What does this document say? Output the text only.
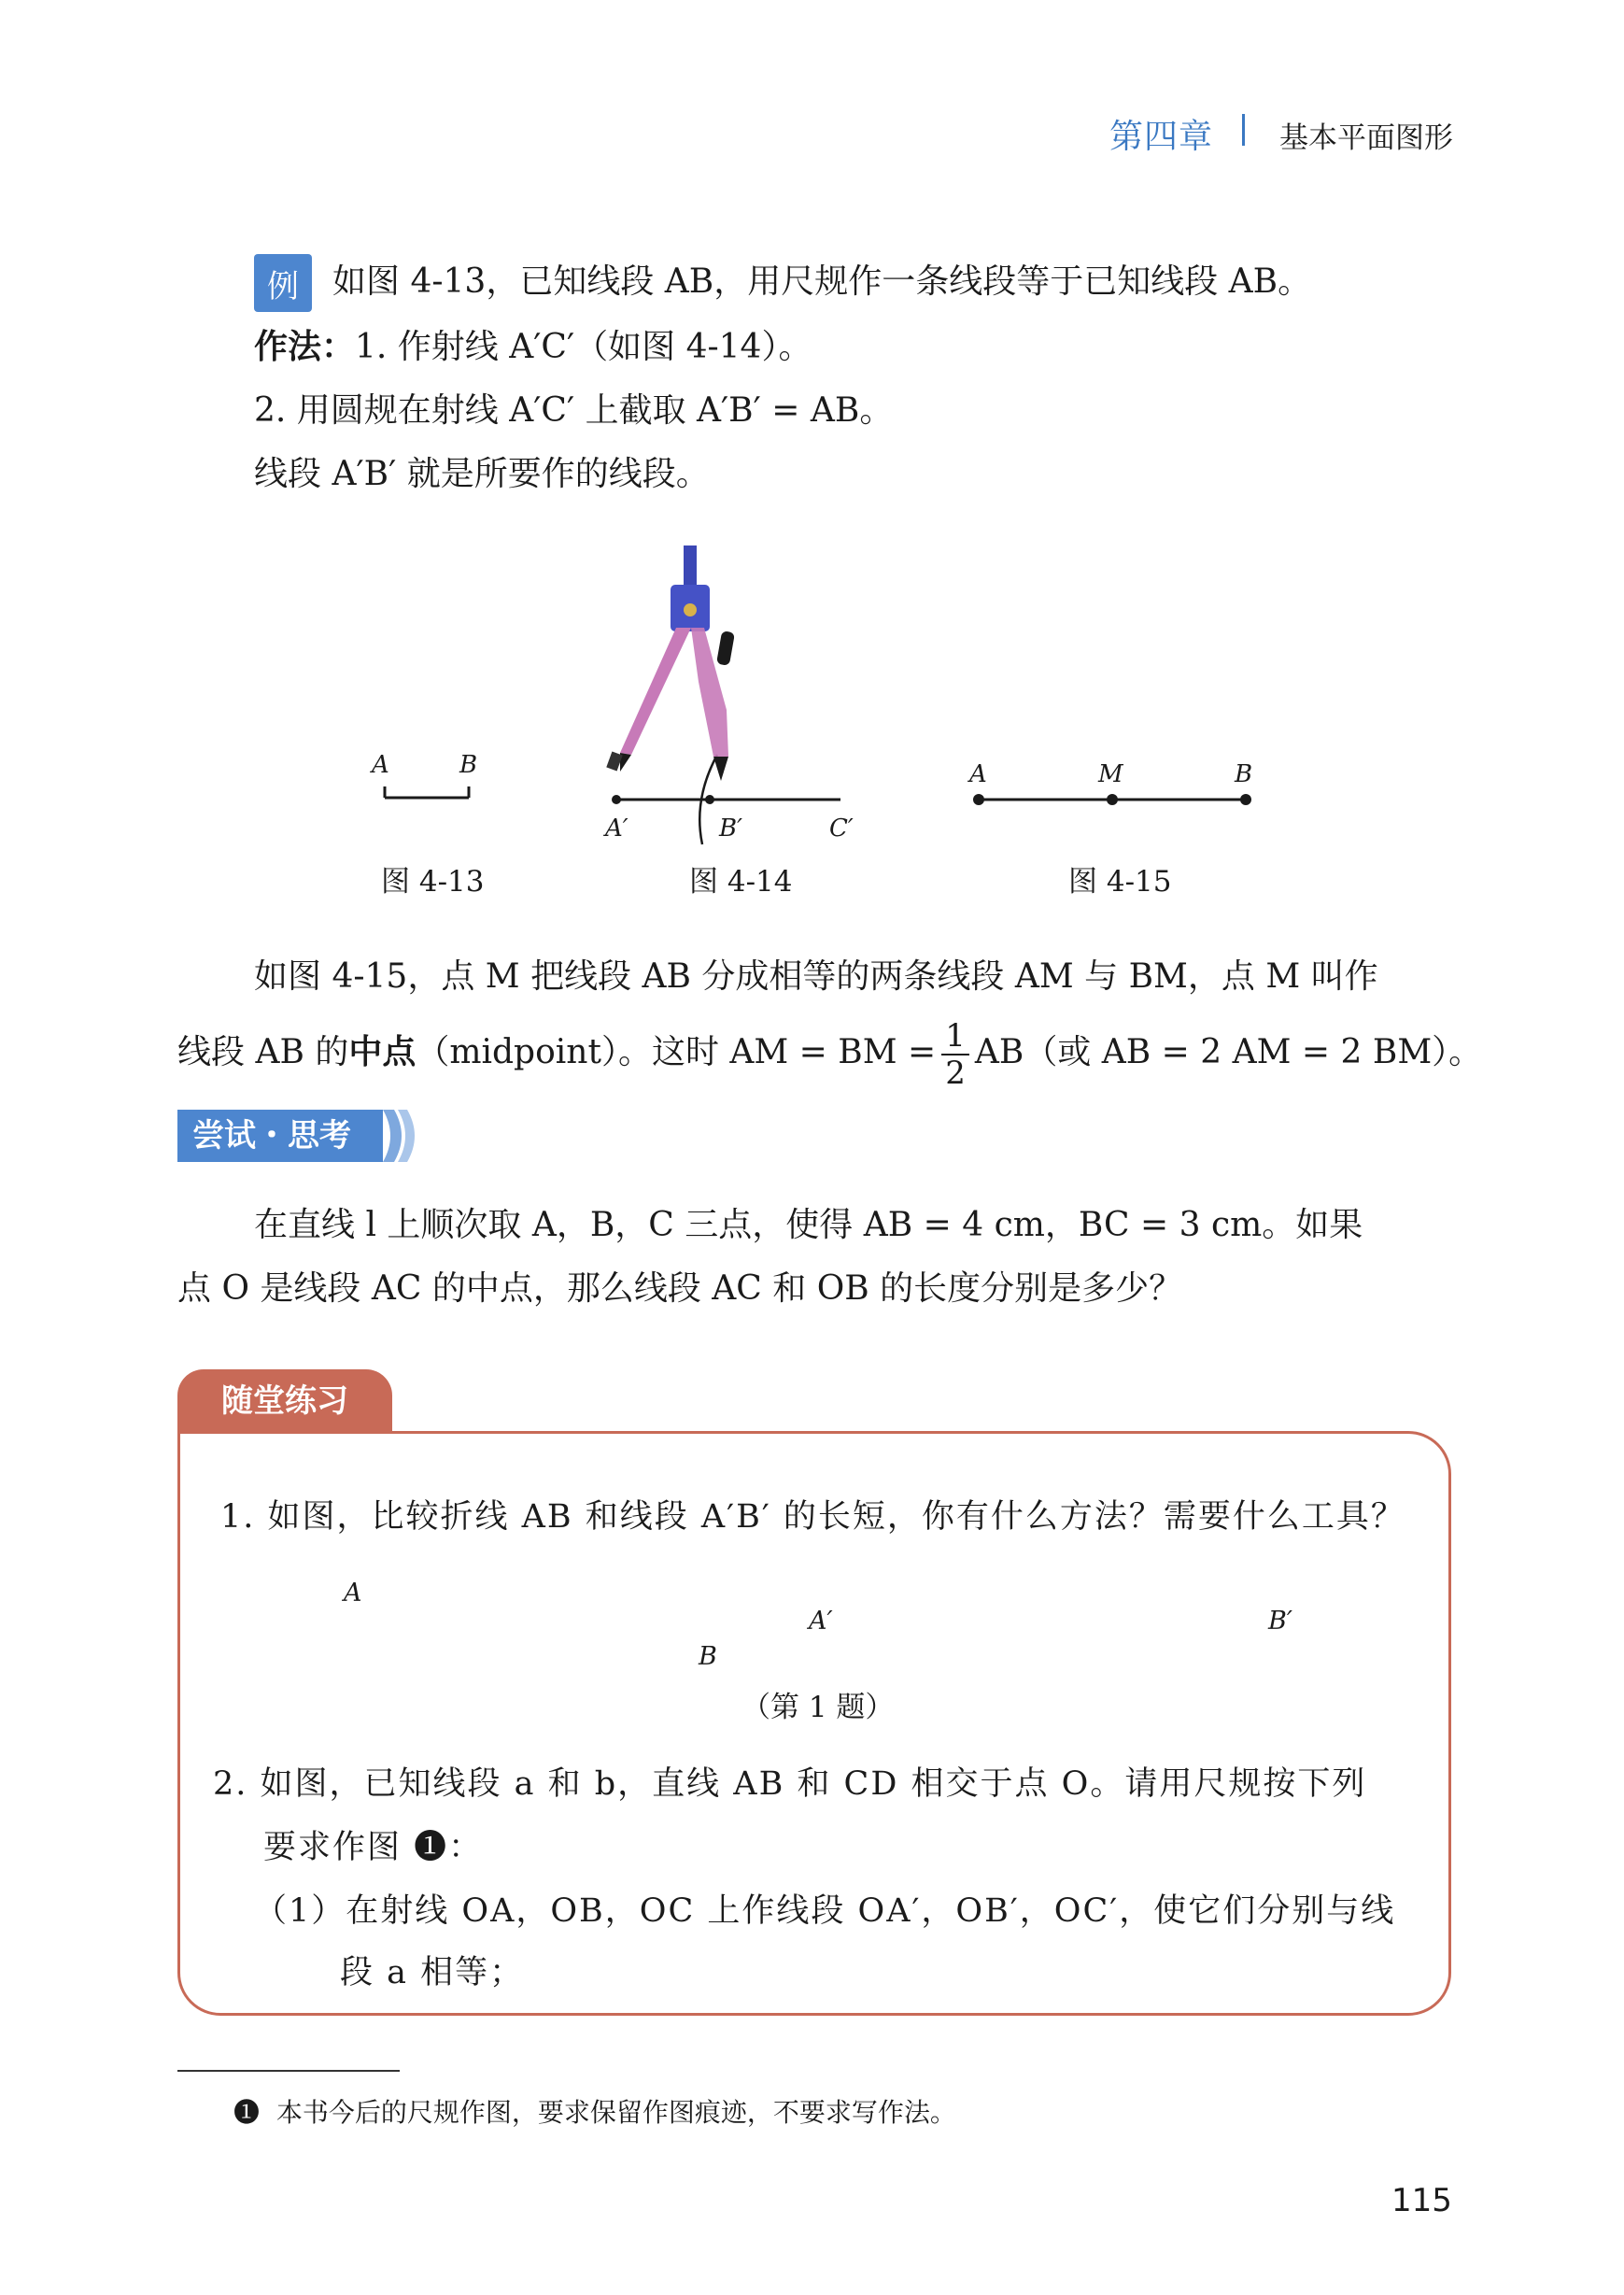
第四章 基本平面图形
例	如图 4-13，已知线段 AB，用尺规作一条线段等于已知线段 AB。
作法：1. 作射线 A′C′（如图 4-14）。
2. 用圆规在射线 A′C′ 上截取 A′B′ = AB。
线段 A′B′ 就是所要作的线段。
A	B
图 4-13
A′	B′	C′
图 4-14
A	M	B
图 4-15
如图 4-15，点 M 把线段 AB 分成相等的两条线段 AM 与 BM，点 M 叫作
线段 AB 的中点（midpoint）。这时 AM = BM = $\frac{1}{2} AB$（或 AB = 2 AM = 2 BM）。
尝试・思考
在直线 l 上顺次取 A，B，C 三点，使得 AB = 4 cm，BC = 3 cm。如果
点 O 是线段 AC 的中点，那么线段 AC 和 OB 的长度分别是多少？
随堂练习
1. 如图，比较折线 AB 和线段 A′B′ 的长短，你有什么方法？需要什么工具？
A
B
A′	B′
（第 1 题）
2. 如图，已知线段 a 和 b，直线 AB 和 CD 相交于点 O。请用尺规按下列
要求作图 ❶：
（1）在射线 OA，OB，OC 上作线段 OA′，OB′，OC′，使它们分别与线
段 a 相等；
❶ 本书今后的尺规作图，要求保留作图痕迹，不要求写作法。
115
